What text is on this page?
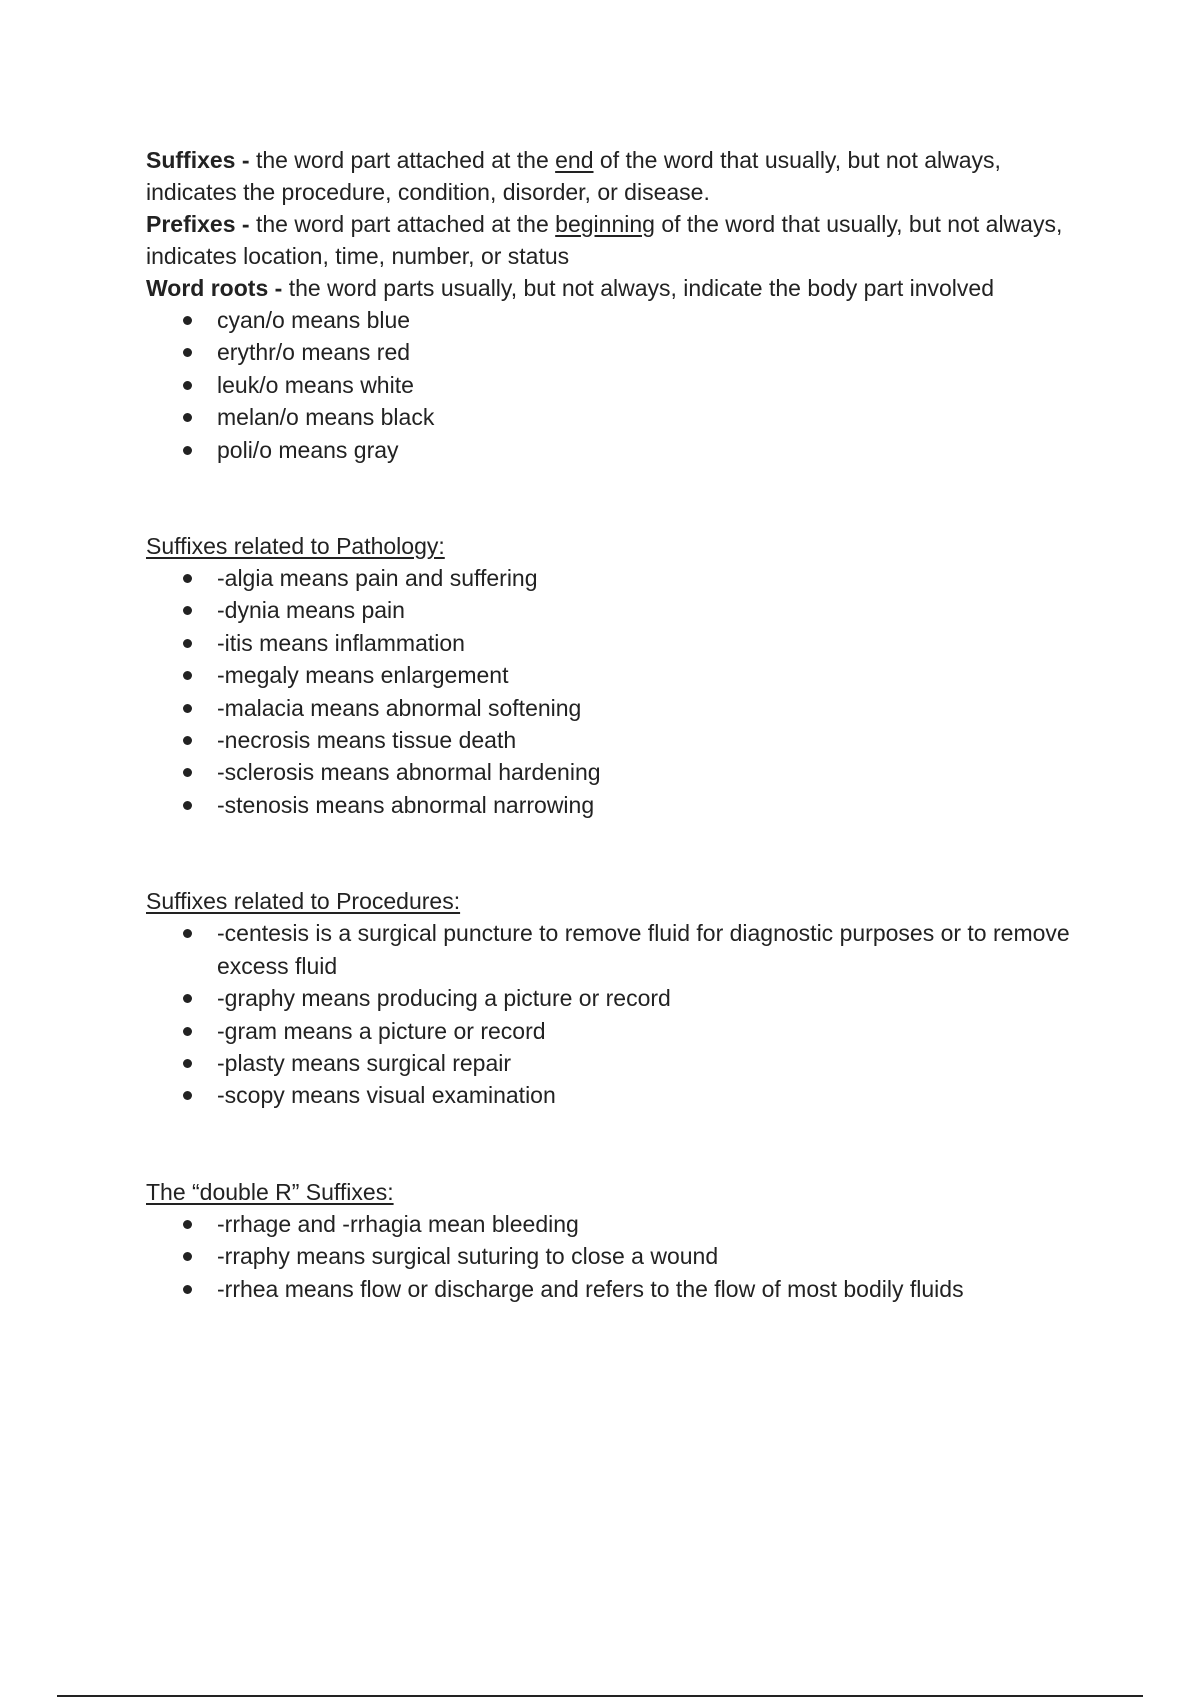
Suffixes - the word part attached at the end of the word that usually, but not always, indicates the procedure, condition, disorder, or disease.

Prefixes - the word part attached at the beginning of the word that usually, but not always, indicates location, time, number, or status

Word roots - the word parts usually, but not always, indicate the body part involved

cyan/o means blue
erythr/o means red
leuk/o means white
melan/o means black
poli/o means gray

Suffixes related to Pathology:

-algia means pain and suffering
-dynia means pain
-itis means inflammation
-megaly means enlargement
-malacia means abnormal softening
-necrosis means tissue death
-sclerosis means abnormal hardening
-stenosis means abnormal narrowing

Suffixes related to Procedures:

-centesis is a surgical puncture to remove fluid for diagnostic purposes or to remove excess fluid
-graphy means producing a picture or record
-gram means a picture or record
-plasty means surgical repair
-scopy means visual examination

The “double R” Suffixes:

-rrhage and -rrhagia mean bleeding
-rraphy means surgical suturing to close a wound
-rrhea means flow or discharge and refers to the flow of most bodily fluids
